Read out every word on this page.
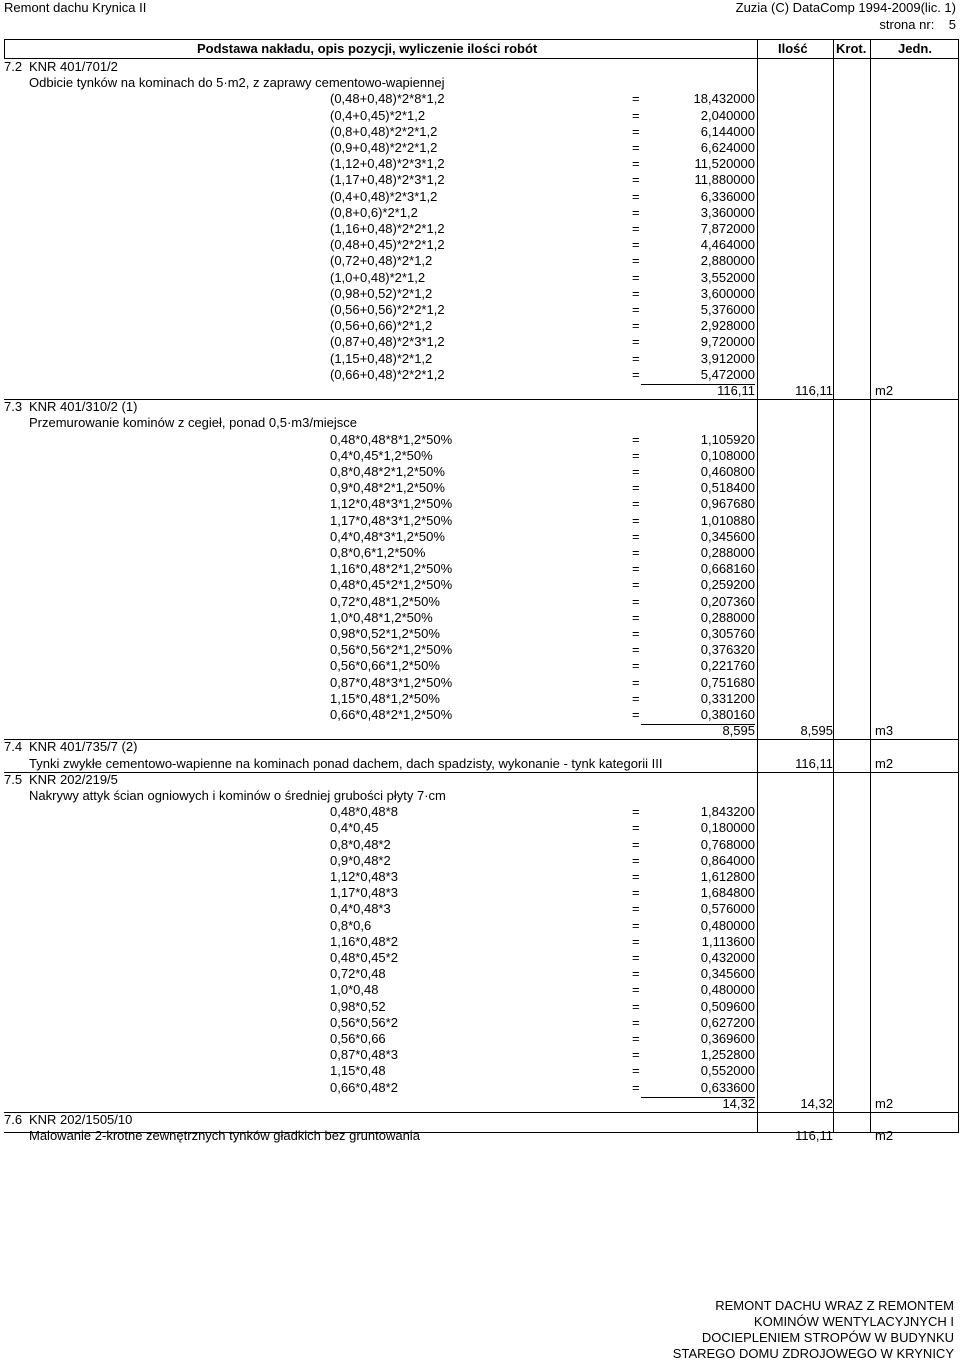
Remont dachu Krynica II	Zuzia (C) DataComp 1994-2009(lic. 1)
strona nr: 5
Podstawa nakładu, opis pozycji, wyliczenie ilości robót	Ilość Krot. Jedn.
7.2 KNR 401/701/2
Odbicie tynków na kominach do 5·m2, z zaprawy cementowo-wapiennej
(0,48+0,48)*2*8*1,2	=	18,432000
(0,4+0,45)*2*1,2	=	2,040000
(0,8+0,48)*2*2*1,2	=	6,144000
(0,9+0,48)*2*2*1,2	=	6,624000
(1,12+0,48)*2*3*1,2	=	11,520000
(1,17+0,48)*2*3*1,2	=	11,880000
(0,4+0,48)*2*3*1,2	=	6,336000
(0,8+0,6)*2*1,2	=	3,360000
(1,16+0,48)*2*2*1,2	=	7,872000
(0,48+0,45)*2*2*1,2	=	4,464000
(0,72+0,48)*2*1,2	=	2,880000
(1,0+0,48)*2*1,2	=	3,552000
(0,98+0,52)*2*1,2	=	3,600000
(0,56+0,56)*2*2*1,2	=	5,376000
(0,56+0,66)*2*1,2	=	2,928000
(0,87+0,48)*2*3*1,2	=	9,720000
(1,15+0,48)*2*1,2	=	3,912000
(0,66+0,48)*2*2*1,2	=	5,472000
116,11	116,11	m2
7.3 KNR 401/310/2 (1)
Przemurowanie kominów z cegieł, ponad 0,5·m3/miejsce
0,48*0,48*8*1,2*50%	=	1,105920
0,4*0,45*1,2*50%	=	0,108000
0,8*0,48*2*1,2*50%	=	0,460800
0,9*0,48*2*1,2*50%	=	0,518400
1,12*0,48*3*1,2*50%	=	0,967680
1,17*0,48*3*1,2*50%	=	1,010880
0,4*0,48*3*1,2*50%	=	0,345600
0,8*0,6*1,2*50%	=	0,288000
1,16*0,48*2*1,2*50%	=	0,668160
0,48*0,45*2*1,2*50%	=	0,259200
0,72*0,48*1,2*50%	=	0,207360
1,0*0,48*1,2*50%	=	0,288000
0,98*0,52*1,2*50%	=	0,305760
0,56*0,56*2*1,2*50%	=	0,376320
0,56*0,66*1,2*50%	=	0,221760
0,87*0,48*3*1,2*50%	=	0,751680
1,15*0,48*1,2*50%	=	0,331200
0,66*0,48*2*1,2*50%	=	0,380160
8,595	8,595	m3
7.4 KNR 401/735/7 (2)
Tynki zwykłe cementowo-wapienne na kominach ponad dachem, dach spadzisty, wykonanie - tynk kategorii III	116,11	m2
7.5 KNR 202/219/5
Nakrywy attyk ścian ogniowych i kominów o średniej grubości płyty 7·cm
0,48*0,48*8	=	1,843200
0,4*0,45	=	0,180000
0,8*0,48*2	=	0,768000
0,9*0,48*2	=	0,864000
1,12*0,48*3	=	1,612800
1,17*0,48*3	=	1,684800
0,4*0,48*3	=	0,576000
0,8*0,6	=	0,480000
1,16*0,48*2	=	1,113600
0,48*0,45*2	=	0,432000
0,72*0,48	=	0,345600
1,0*0,48	=	0,480000
0,98*0,52	=	0,509600
0,56*0,56*2	=	0,627200
0,56*0,66	=	0,369600
0,87*0,48*3	=	1,252800
1,15*0,48	=	0,552000
0,66*0,48*2	=	0,633600
14,32	14,32	m2
7.6 KNR 202/1505/10
Malowanie 2-krotne zewnętrznych tynków gładkich bez gruntowania	116,11	m2
REMONT DACHU WRAZ Z REMONTEM
KOMINÓW WENTYLACYJNYCH I
DOCIEPLENIEM STROPÓW W BUDYNKU
STAREGO DOMU ZDROJOWEGO W KRYNICY
